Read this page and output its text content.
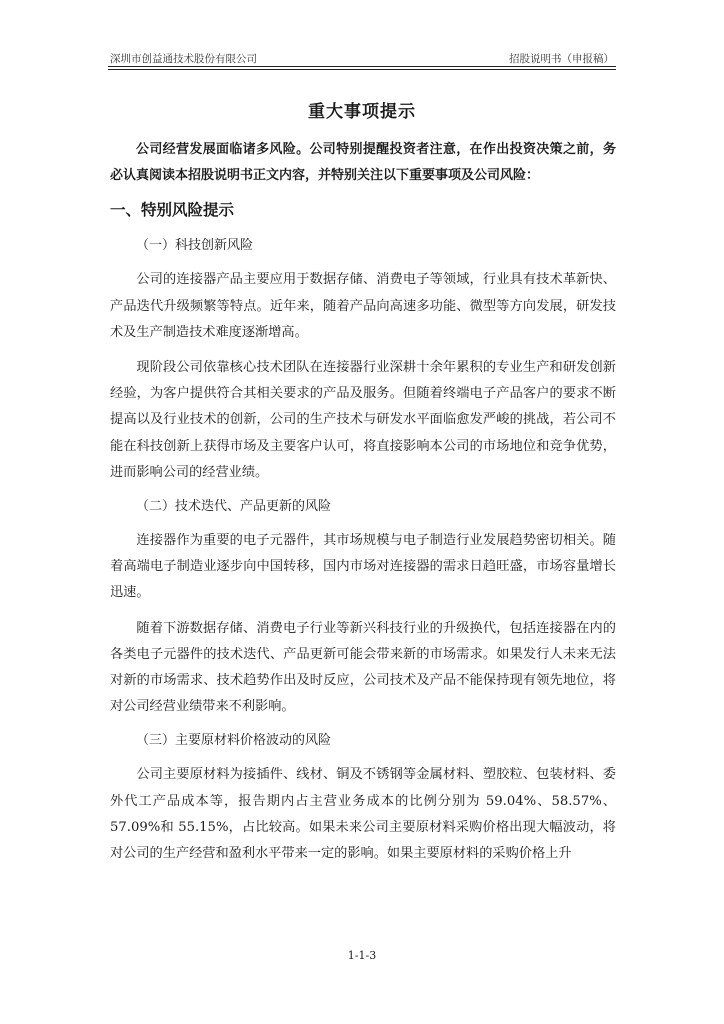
深圳市创益通技术股份有限公司	招股说明书（申报稿）
重大事项提示

公司经营发展面临诸多风险。公司特别提醒投资者注意，在作出投资决策之前，务必认真阅读本招股说明书正文内容，并特别关注以下重要事项及公司风险：

一、特别风险提示
（一）科技创新风险

公司的连接器产品主要应用于数据存储、消费电子等领域，行业具有技术革新快、产品迭代升级频繁等特点。近年来，随着产品向高速多功能、微型等方向发展，研发技术及生产制造技术难度逐渐增高。

现阶段公司依靠核心技术团队在连接器行业深耕十余年累积的专业生产和研发创新经验，为客户提供符合其相关要求的产品及服务。但随着终端电子产品客户的要求不断提高以及行业技术的创新，公司的生产技术与研发水平面临愈发严峻的挑战，若公司不能在科技创新上获得市场及主要客户认可，将直接影响本公司的市场地位和竞争优势，进而影响公司的经营业绩。

（二）技术迭代、产品更新的风险

连接器作为重要的电子元器件，其市场规模与电子制造行业发展趋势密切相关。随着高端电子制造业逐步向中国转移，国内市场对连接器的需求日趋旺盛，市场容量增长迅速。

随着下游数据存储、消费电子行业等新兴科技行业的升级换代，包括连接器在内的各类电子元器件的技术迭代、产品更新可能会带来新的市场需求。如果发行人未来无法对新的市场需求、技术趋势作出及时反应，公司技术及产品不能保持现有领先地位，将对公司经营业绩带来不利影响。

（三）主要原材料价格波动的风险

公司主要原材料为接插件、线材、铜及不锈钢等金属材料、塑胶粒、包装材料、委外代工产品成本等，报告期内占主营业务成本的比例分别为 59.04%、58.57%、57.09%和 55.15%，占比较高。如果未来公司主要原材料采购价格出现大幅波动，将对公司的生产经营和盈利水平带来一定的影响。如果主要原材料的采购价格上升

1-1-3
